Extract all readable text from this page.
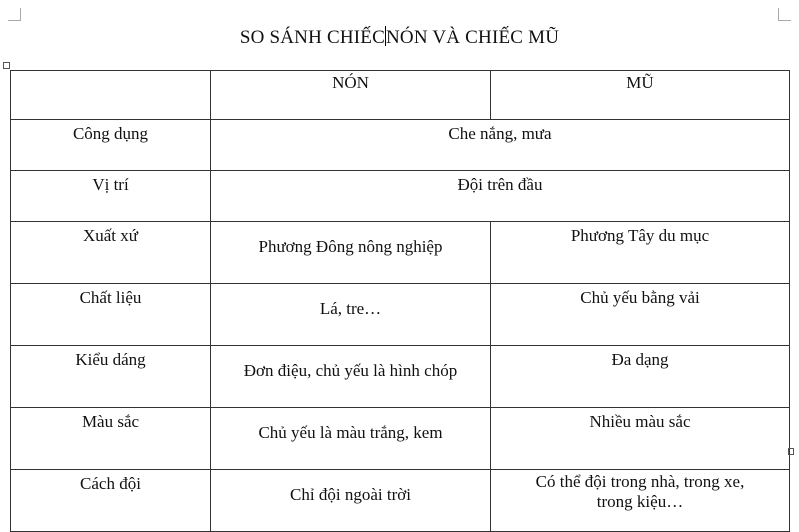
SO SÁNH CHIẾCNÓN VÀ CHIẾC MŨ
	NÓN	MŨ
Công dụng	Che nắng, mưa	
Vị trí	Đội trên đầu	
Xuất xứ	Phương Đông nông nghiệp	Phương Tây du mục
Chất liệu	Lá, tre…	Chủ yếu bằng vải
Kiểu dáng	Đơn điệu, chủ yếu là hình chóp	Đa dạng
Màu sắc	Chủ yếu là màu trắng, kem	Nhiều màu sắc
Cách đội	Chỉ đội ngoài trời	Có thể đội trong nhà, trong xe, trong kiệu…
